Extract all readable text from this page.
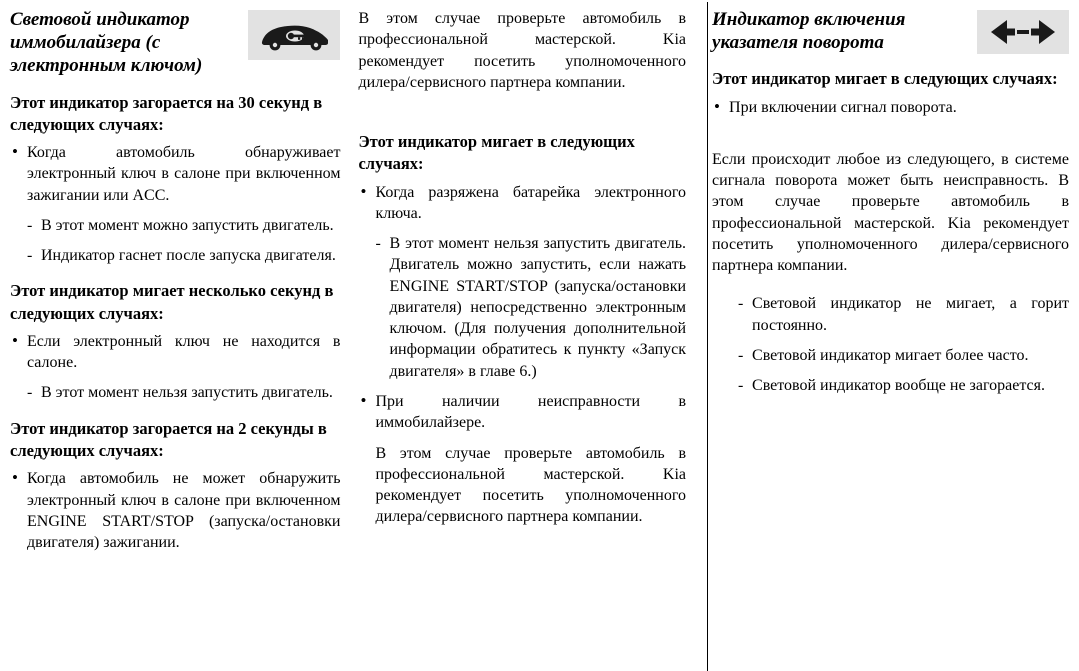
Световой индикатор иммобилайзера (с электронным ключом)
Этот индикатор загорается на 30 секунд в следующих случаях:
• Когда автомобиль обнаруживает электронный ключ в салоне при включенном зажигании или ACC.
- В этот момент можно запустить двигатель.
- Индикатор гаснет после запуска двигателя.
Этот индикатор мигает несколько секунд в следующих случаях:
• Если электронный ключ не находится в салоне.
- В этот момент нельзя запустить двигатель.
Этот индикатор загорается на 2 секунды в следующих случаях:
• Когда автомобиль не может обнаружить электронный ключ в салоне при включенном ENGINE START/STOP (запуска/остановки двигателя) зажигании.

В этом случае проверьте автомобиль в профессиональной мастерской. Kia рекомендует посетить уполномоченного дилера/сервисного партнера компании.

Этот индикатор мигает в следующих случаях:
• Когда разряжена батарейка электронного ключа.
- В этот момент нельзя запустить двигатель. Двигатель можно запустить, если нажать ENGINE START/STOP (запуска/остановки двигателя) непосредственно электронным ключом. (Для получения дополнительной информации обратитесь к пункту «Запуск двигателя» в главе 6.)
• При наличии неисправности в иммобилайзере.

В этом случае проверьте автомобиль в профессиональной мастерской. Kia рекомендует посетить уполномоченного дилера/сервисного партнера компании.

Индикатор включения указателя поворота
Этот индикатор мигает в следующих случаях:
• При включении сигнал поворота.

Если происходит любое из следующего, в системе сигнала поворота может быть неисправность. В этом случае проверьте автомобиль в профессиональной мастерской. Kia рекомендует посетить уполномоченного дилера/сервисного партнера компании.

- Световой индикатор не мигает, а горит постоянно.
- Световой индикатор мигает более часто.
- Световой индикатор вообще не загорается.
